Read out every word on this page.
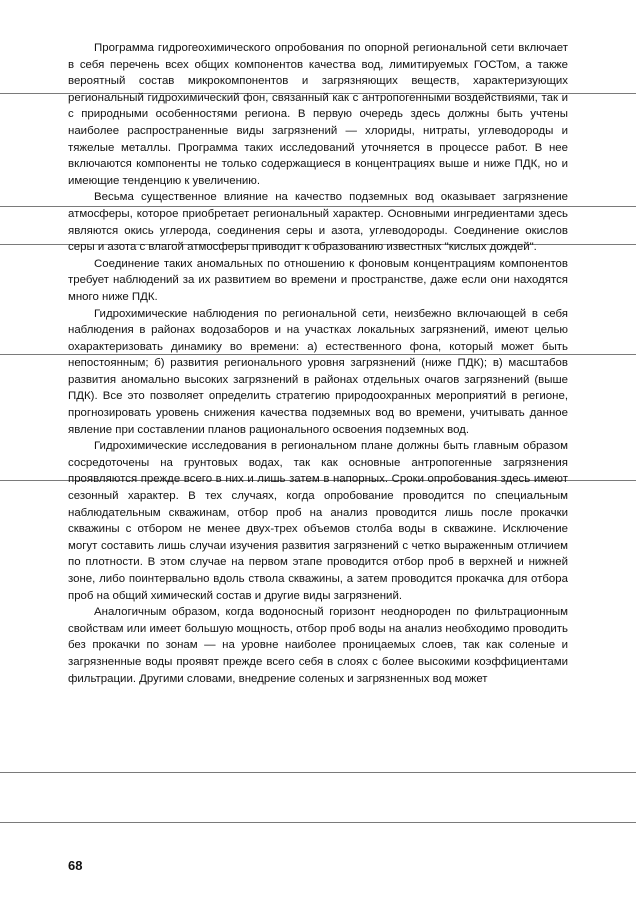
Программа гидрогеохимического опробования по опорной региональной сети включает в себя перечень всех общих компонентов качества вод, лимитируемых ГОСТом, а также вероятный состав микрокомпонентов и загрязняющих веществ, характеризующих региональный гидрохимический фон, связанный как с антропогенными воздействиями, так и с природными особенностями региона. В первую очередь здесь должны быть учтены наиболее распространенные виды загрязнений — хлориды, нитраты, углеводороды и тяжелые металлы. Программа таких исследований уточняется в процессе работ. В нее включаются компоненты не только содержащиеся в концентрациях выше и ниже ПДК, но и имеющие тенденцию к увеличению.

Весьма существенное влияние на качество подземных вод оказывает загрязнение атмосферы, которое приобретает региональный характер. Основными ингредиентами здесь являются окись углерода, соединения серы и азота, углеводороды. Соединение окислов серы и азота с влагой атмосферы приводит к образованию известных "кислых дождей".

Соединение таких аномальных по отношению к фоновым концентрациям компонентов требует наблюдений за их развитием во времени и пространстве, даже если они находятся много ниже ПДК.

Гидрохимические наблюдения по региональной сети, неизбежно включающей в себя наблюдения в районах водозаборов и на участках локальных загрязнений, имеют целью охарактеризовать динамику во времени: а) естественного фона, который может быть непостоянным; б) развития регионального уровня загрязнений (ниже ПДК); в) масштабов развития аномально высоких загрязнений в районах отдельных очагов загрязнений (выше ПДК). Все это позволяет определить стратегию природоохранных мероприятий в регионе, прогнозировать уровень снижения качества подземных вод во времени, учитывать данное явление при составлении планов рационального освоения подземных вод.

Гидрохимические исследования в региональном плане должны быть главным образом сосредоточены на грунтовых водах, так как основные антропогенные загрязнения проявляются прежде всего в них и лишь затем в напорных. Сроки опробования здесь имеют сезонный характер. В тех случаях, когда опробование проводится по специальным наблюдательным скважинам, отбор проб на анализ проводится лишь после прокачки скважины с отбором не менее двух-трех объемов столба воды в скважине. Исключение могут составить лишь случаи изучения развития загрязнений с четко выраженным отличием по плотности. В этом случае на первом этапе проводится отбор проб в верхней и нижней зоне, либо поинтервально вдоль ствола скважины, а затем проводится прокачка для отбора проб на общий химический состав и другие виды загрязнений.

Аналогичным образом, когда водоносный горизонт неоднороден по фильтрационным свойствам или имеет большую мощность, отбор проб воды на анализ необходимо проводить без прокачки по зонам — на уровне наиболее проницаемых слоев, так как соленые и загрязненные воды проявят прежде всего себя в слоях с более высокими коэффициентами фильтрации. Другими словами, внедрение соленых и загрязненных вод может

68
